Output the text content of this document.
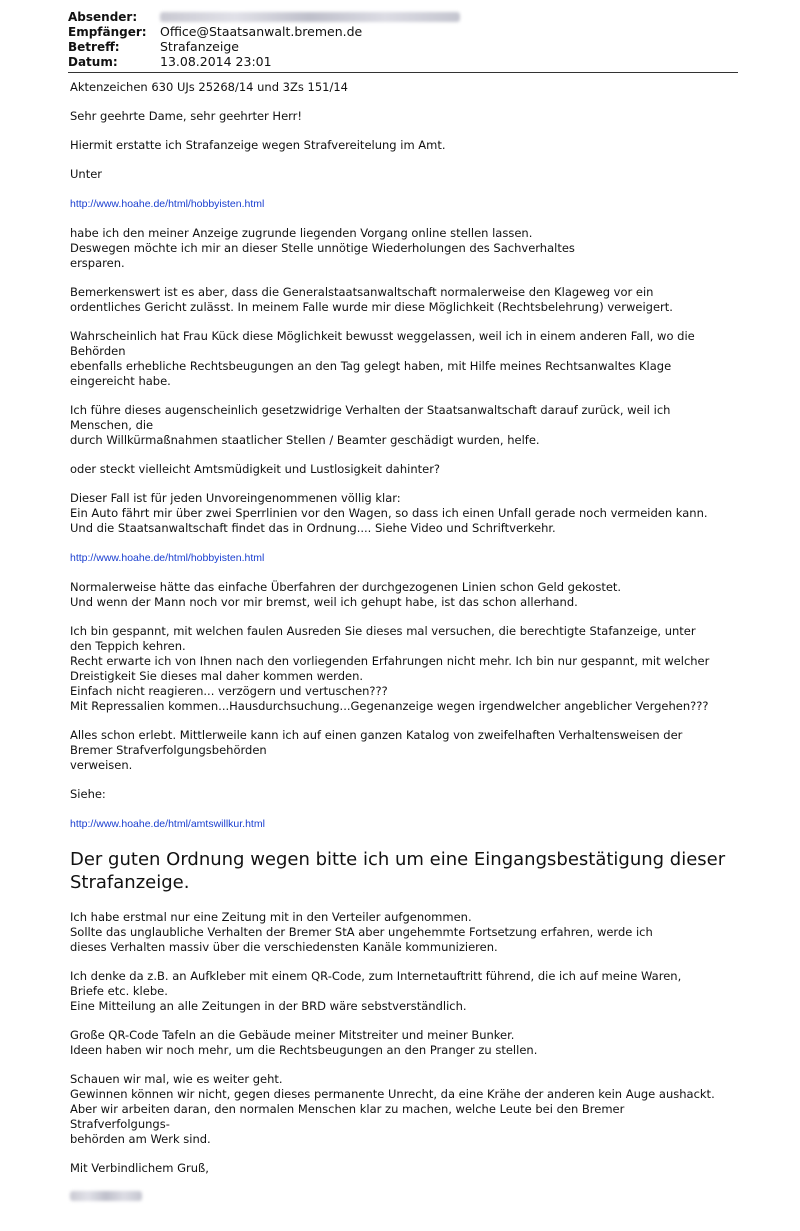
Absender:
Empfänger: Office@Staatsanwalt.bremen.de
Betreff:	Strafanzeige
Datum:	13.08.2014 23:01

Aktenzeichen 630 UJs 25268/14 und 3Zs 151/14

Sehr geehrte Dame, sehr geehrter Herr!

Hiermit erstatte ich Strafanzeige wegen Strafvereitelung im Amt.

Unter

http://www.hoahe.de/html/hobbyisten.html

habe ich den meiner Anzeige zugrunde liegenden Vorgang online stellen lassen.
Deswegen möchte ich mir an dieser Stelle unnötige Wiederholungen des Sachverhaltes
ersparen.

Bemerkenswert ist es aber, dass die Generalstaatsanwaltschaft normalerweise den Klageweg vor ein
ordentliches Gericht zulässt. In meinem Falle wurde mir diese Möglichkeit (Rechtsbelehrung) verweigert.

Wahrscheinlich hat Frau Kück diese Möglichkeit bewusst weggelassen, weil ich in einem anderen Fall, wo die
Behörden
ebenfalls erhebliche Rechtsbeugungen an den Tag gelegt haben, mit Hilfe meines Rechtsanwaltes Klage
eingereicht habe.

Ich führe dieses augenscheinlich gesetzwidrige Verhalten der Staatsanwaltschaft darauf zurück, weil ich
Menschen, die
durch Willkürmaßnahmen staatlicher Stellen / Beamter geschädigt wurden, helfe.

oder steckt vielleicht Amtsmüdigkeit und Lustlosigkeit dahinter?

Dieser Fall ist für jeden Unvoreingenommenen völlig klar:
Ein Auto fährt mir über zwei Sperrlinien vor den Wagen, so dass ich einen Unfall gerade noch vermeiden kann.
Und die Staatsanwaltschaft findet das in Ordnung.... Siehe Video und Schriftverkehr.

http://www.hoahe.de/html/hobbyisten.html

Normalerweise hätte das einfache Überfahren der durchgezogenen Linien schon Geld gekostet.
Und wenn der Mann noch vor mir bremst, weil ich gehupt habe, ist das schon allerhand.

Ich bin gespannt, mit welchen faulen Ausreden Sie dieses mal versuchen, die berechtigte Stafanzeige, unter
den Teppich kehren.
Recht erwarte ich von Ihnen nach den vorliegenden Erfahrungen nicht mehr. Ich bin nur gespannt, mit welcher
Dreistigkeit Sie dieses mal daher kommen werden.
Einfach nicht reagieren... verzögern und vertuschen???
Mit Repressalien kommen...Hausdurchsuchung...Gegenanzeige wegen irgendwelcher angeblicher Vergehen???

Alles schon erlebt. Mittlerweile kann ich auf einen ganzen Katalog von zweifelhaften Verhaltensweisen der
Bremer Strafverfolgungsbehörden
verweisen.

Siehe:

http://www.hoahe.de/html/amtswillkur.html

Der guten Ordnung wegen bitte ich um eine Eingangsbestätigung dieser
Strafanzeige.

Ich habe erstmal nur eine Zeitung mit in den Verteiler aufgenommen.
Sollte das unglaubliche Verhalten der Bremer StA aber ungehemmte Fortsetzung erfahren, werde ich
dieses Verhalten massiv über die verschiedensten Kanäle kommunizieren.

Ich denke da z.B. an Aufkleber mit einem QR-Code, zum Internetauftritt führend, die ich auf meine Waren,
Briefe etc. klebe.
Eine Mitteilung an alle Zeitungen in der BRD wäre sebstverständlich.

Große QR-Code Tafeln an die Gebäude meiner Mitstreiter und meiner Bunker.
Ideen haben wir noch mehr, um die Rechtsbeugungen an den Pranger zu stellen.

Schauen wir mal, wie es weiter geht.
Gewinnen können wir nicht, gegen dieses permanente Unrecht, da eine Krähe der anderen kein Auge aushackt.
Aber wir arbeiten daran, den normalen Menschen klar zu machen, welche Leute bei den Bremer
Strafverfolgungs-
behörden am Werk sind.

Mit Verbindlichem Gruß,
